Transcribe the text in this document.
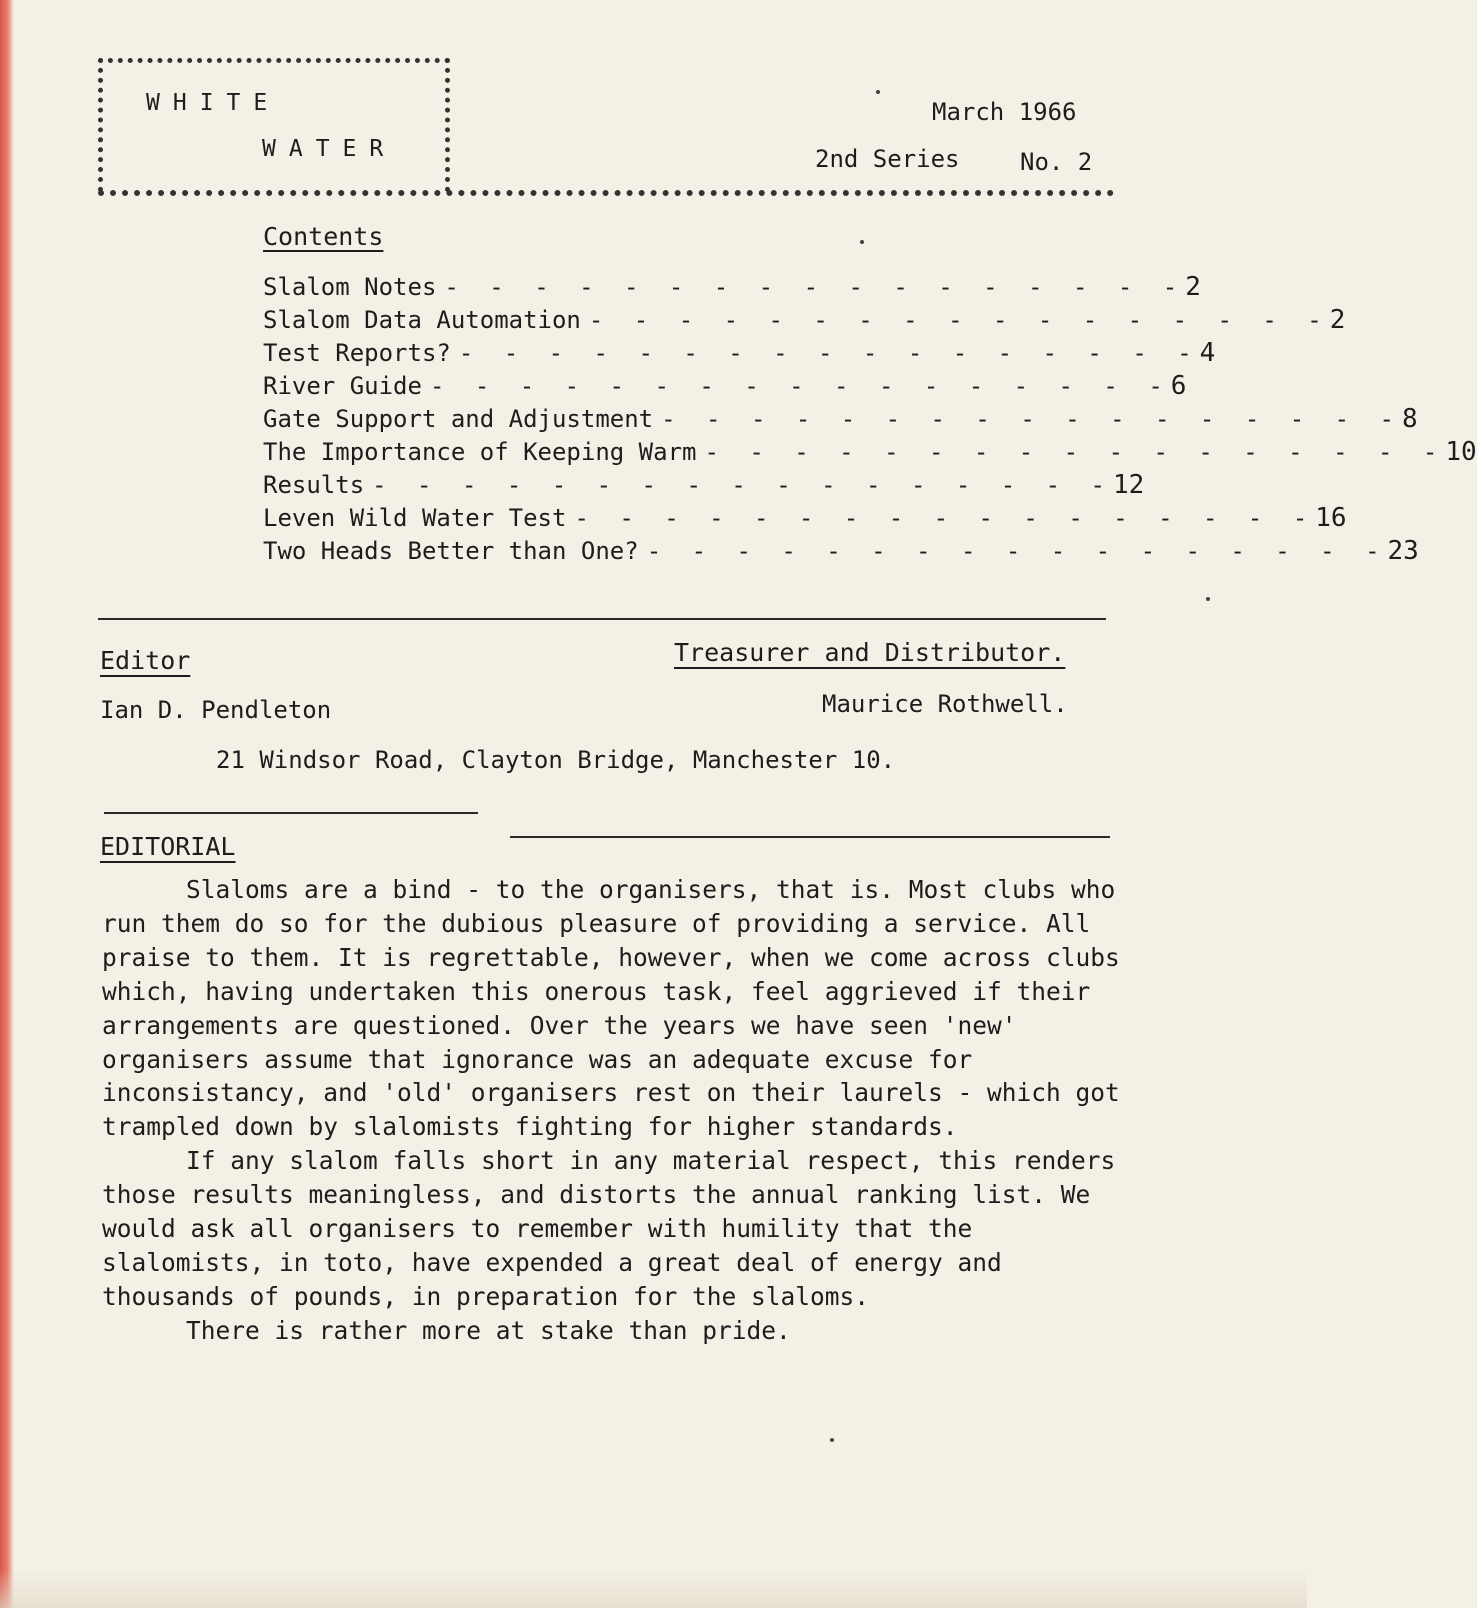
WHITE
WATER
March 1966
2nd Series	No. 2
Contents
Slalom Notes - - - - - - - - - - - - - - - - - 2
Slalom Data Automation - - - - - - - - - - - - - - - - - 2
Test Reports? - - - - - - - - - - - - - - - - - 4
River Guide - - - - - - - - - - - - - - - - - 6
Gate Support and Adjustment - - - - - - - - - - - - - - - - - 8
The Importance of Keeping Warm - - - - - - - - - - - - - - - - - 10
Results - - - - - - - - - - - - - - - - - 12
Leven Wild Water Test - - - - - - - - - - - - - - - - - 16
Two Heads Better than One? - - - - - - - - - - - - - - - - - 23
Editor	Treasurer and Distributor.
Ian D. Pendleton	Maurice Rothwell.
21 Windsor Road, Clayton Bridge, Manchester 10.
EDITORIAL

Slaloms are a bind - to the organisers, that is. Most clubs who run them do so for the dubious pleasure of providing a service. All praise to them. It is regrettable, however, when we come across clubs which, having undertaken this onerous task, feel aggrieved if their arrangements are questioned. Over the years we have seen 'new' organisers assume that ignorance was an adequate excuse for inconsistancy, and 'old' organisers rest on their laurels - which got trampled down by slalomists fighting for higher standards.

If any slalom falls short in any material respect, this renders those results meaningless, and distorts the annual ranking list. We would ask all organisers to remember with humility that the slalomists, in toto, have expended a great deal of energy and thousands of pounds, in preparation for the slaloms.

There is rather more at stake than pride.
